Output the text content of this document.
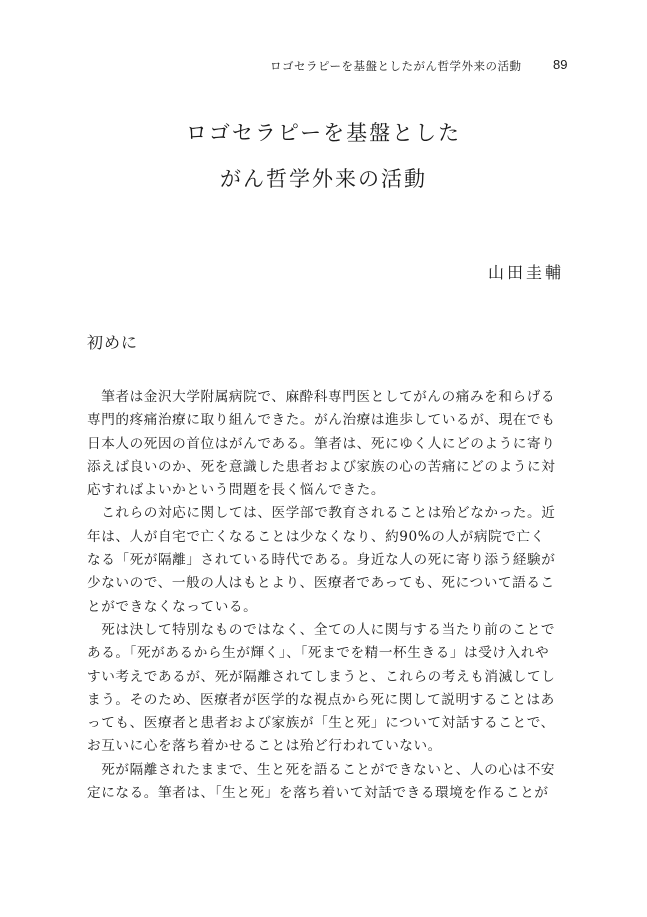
ロゴセラピーを基盤としたがん哲学外来の活動 89
ロゴセラピーを基盤とした
がん哲学外来の活動
山田圭輔
初めに
　筆者は金沢大学附属病院で、麻酔科専門医としてがんの痛みを和らげる
専門的疼痛治療に取り組んできた。がん治療は進歩しているが、現在でも
日本人の死因の首位はがんである。筆者は、死にゆく人にどのように寄り
添えば良いのか、死を意識した患者および家族の心の苦痛にどのように対
応すればよいかという問題を長く悩んできた。
　これらの対応に関しては、医学部で教育されることは殆どなかった。近
年は、人が自宅で亡くなることは少なくなり、約90%の人が病院で亡く
なる「死が隔離」されている時代である。身近な人の死に寄り添う経験が
少ないので、一般の人はもとより、医療者であっても、死について語るこ
とができなくなっている。
　死は決して特別なものではなく、全ての人に関与する当たり前のことで
ある。「死があるから生が輝く」、「死までを精一杯生きる」は受け入れや
すい考えであるが、死が隔離されてしまうと、これらの考えも消滅してし
まう。そのため、医療者が医学的な視点から死に関して説明することはあ
っても、医療者と患者および家族が「生と死」について対話することで、
お互いに心を落ち着かせることは殆ど行われていない。
　死が隔離されたままで、生と死を語ることができないと、人の心は不安
定になる。筆者は、「生と死」を落ち着いて対話できる環境を作ることが
